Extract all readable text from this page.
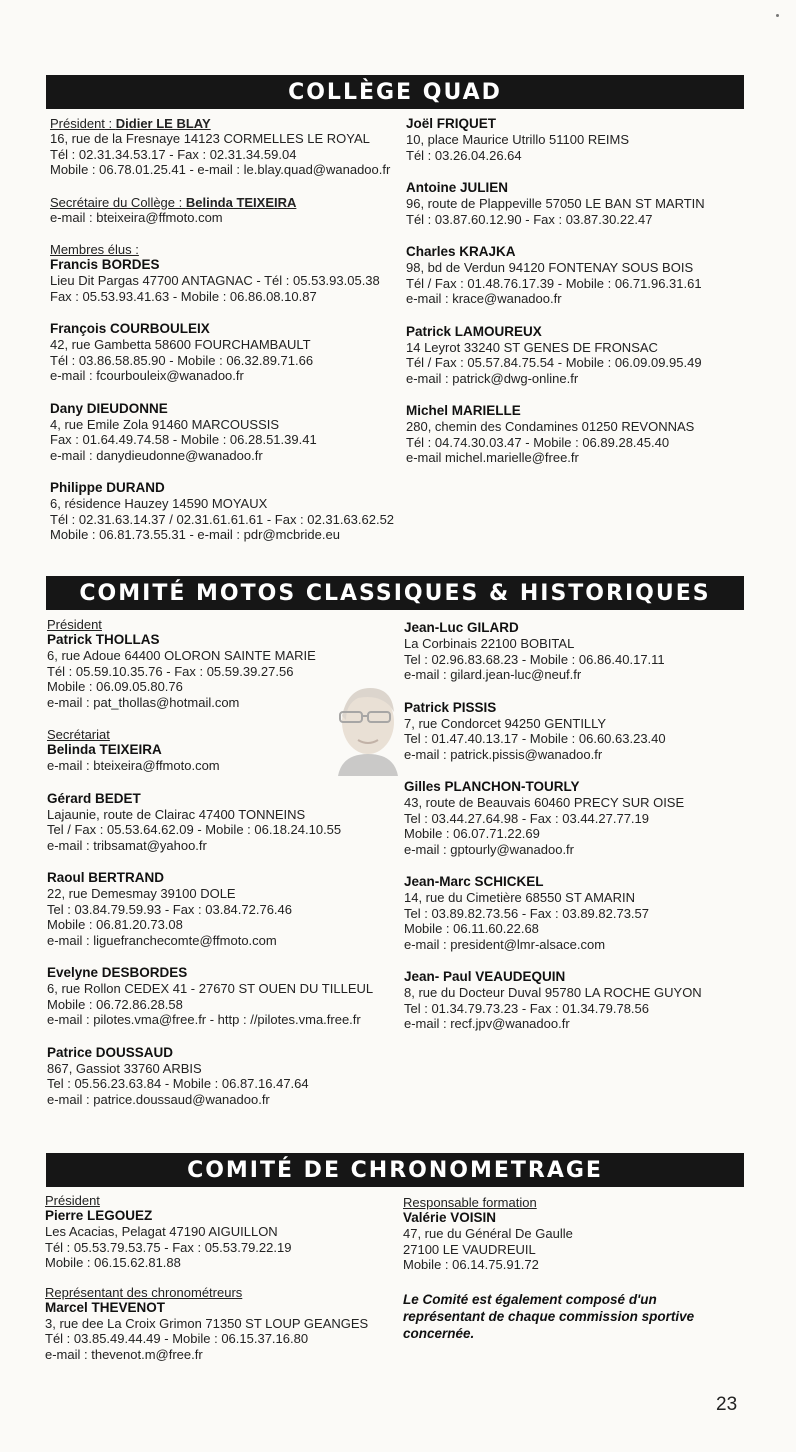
COLLÈGE QUAD
Président : Didier LE BLAY
16, rue de la Fresnaye 14123 CORMELLES LE ROYAL
Tél : 02.31.34.53.17 - Fax : 02.31.34.59.04
Mobile : 06.78.01.25.41 - e-mail : le.blay.quad@wanadoo.fr
Secrétaire du Collège : Belinda TEIXEIRA
e-mail : bteixeira@ffmoto.com
Membres élus :
Francis BORDES
Lieu Dit Pargas 47700 ANTAGNAC - Tél : 05.53.93.05.38
Fax : 05.53.93.41.63 - Mobile : 06.86.08.10.87
François COURBOULEIX
42, rue Gambetta 58600 FOURCHAMBAULT
Tél : 03.86.58.85.90 - Mobile : 06.32.89.71.66
e-mail : fcourbouleix@wanadoo.fr
Dany DIEUDONNE
4, rue Emile Zola 91460 MARCOUSSIS
Fax : 01.64.49.74.58 - Mobile : 06.28.51.39.41
e-mail : danydieudonne@wanadoo.fr
Philippe DURAND
6, résidence Hauzey 14590 MOYAUX
Tél : 02.31.63.14.37 / 02.31.61.61.61 - Fax : 02.31.63.62.52
Mobile : 06.81.73.55.31 - e-mail : pdr@mcbride.eu
Joël FRIQUET
10, place Maurice Utrillo 51100 REIMS
Tél : 03.26.04.26.64
Antoine JULIEN
96, route de Plappeville 57050 LE BAN ST MARTIN
Tél : 03.87.60.12.90 - Fax : 03.87.30.22.47
Charles KRAJKA
98, bd de Verdun 94120 FONTENAY SOUS BOIS
Tél / Fax : 01.48.76.17.39 - Mobile : 06.71.96.31.61
e-mail : krace@wanadoo.fr
Patrick LAMOUREUX
14 Leyrot 33240 ST GENES DE FRONSAC
Tél / Fax : 05.57.84.75.54 - Mobile : 06.09.09.95.49
e-mail : patrick@dwg-online.fr
Michel MARIELLE
280, chemin des Condamines 01250 REVONNAS
Tél : 04.74.30.03.47 - Mobile : 06.89.28.45.40
e-mail michel.marielle@free.fr
COMITÉ MOTOS CLASSIQUES & HISTORIQUES
Président
Patrick THOLLAS
6, rue Adoue 64400 OLORON SAINTE MARIE
Tél : 05.59.10.35.76 - Fax : 05.59.39.27.56
Mobile : 06.09.05.80.76
e-mail : pat_thollas@hotmail.com
Secrétariat
Belinda TEIXEIRA
e-mail : bteixeira@ffmoto.com
Gérard BEDET
Lajaunie, route de Clairac 47400 TONNEINS
Tel / Fax : 05.53.64.62.09 - Mobile : 06.18.24.10.55
e-mail : tribsamat@yahoo.fr
Raoul BERTRAND
22, rue Demesmay 39100 DOLE
Tel : 03.84.79.59.93 - Fax : 03.84.72.76.46
Mobile : 06.81.20.73.08
e-mail : liguefranchecomte@ffmoto.com
Evelyne DESBORDES
6, rue Rollon CEDEX 41 - 27670 ST OUEN DU TILLEUL
Mobile : 06.72.86.28.58
e-mail : pilotes.vma@free.fr - http : //pilotes.vma.free.fr
Patrice DOUSSAUD
867, Gassiot 33760 ARBIS
Tel : 05.56.23.63.84 - Mobile : 06.87.16.47.64
e-mail : patrice.doussaud@wanadoo.fr
Jean-Luc GILARD
La Corbinais 22100 BOBITAL
Tel : 02.96.83.68.23 - Mobile : 06.86.40.17.11
e-mail : gilard.jean-luc@neuf.fr
Patrick PISSIS
7, rue Condorcet 94250 GENTILLY
Tel : 01.47.40.13.17 - Mobile : 06.60.63.23.40
e-mail : patrick.pissis@wanadoo.fr
Gilles PLANCHON-TOURLY
43, route de Beauvais 60460 PRECY SUR OISE
Tel : 03.44.27.64.98 - Fax : 03.44.27.77.19
Mobile : 06.07.71.22.69
e-mail : gptourly@wanadoo.fr
Jean-Marc SCHICKEL
14, rue du Cimetière 68550 ST AMARIN
Tel : 03.89.82.73.56 - Fax : 03.89.82.73.57
Mobile : 06.11.60.22.68
e-mail : president@lmr-alsace.com
Jean- Paul VEAUDEQUIN
8, rue du Docteur Duval 95780 LA ROCHE GUYON
Tel : 01.34.79.73.23 - Fax : 01.34.79.78.56
e-mail : recf.jpv@wanadoo.fr
COMITÉ DE CHRONOMETRAGE
Président
Pierre LEGOUEZ
Les Acacias, Pelagat 47190 AIGUILLON
Tél : 05.53.79.53.75 - Fax : 05.53.79.22.19
Mobile : 06.15.62.81.88
Représentant des chronométreurs
Marcel THEVENOT
3, rue dee La Croix Grimon 71350 ST LOUP GEANGES
Tél : 03.85.49.44.49 - Mobile : 06.15.37.16.80
e-mail : thevenot.m@free.fr
Responsable formation
Valérie VOISIN
47, rue du Général De Gaulle
27100 LE VAUDREUIL
Mobile : 06.14.75.91.72
Le Comité est également composé d'un représentant de chaque commission sportive concernée.
23
